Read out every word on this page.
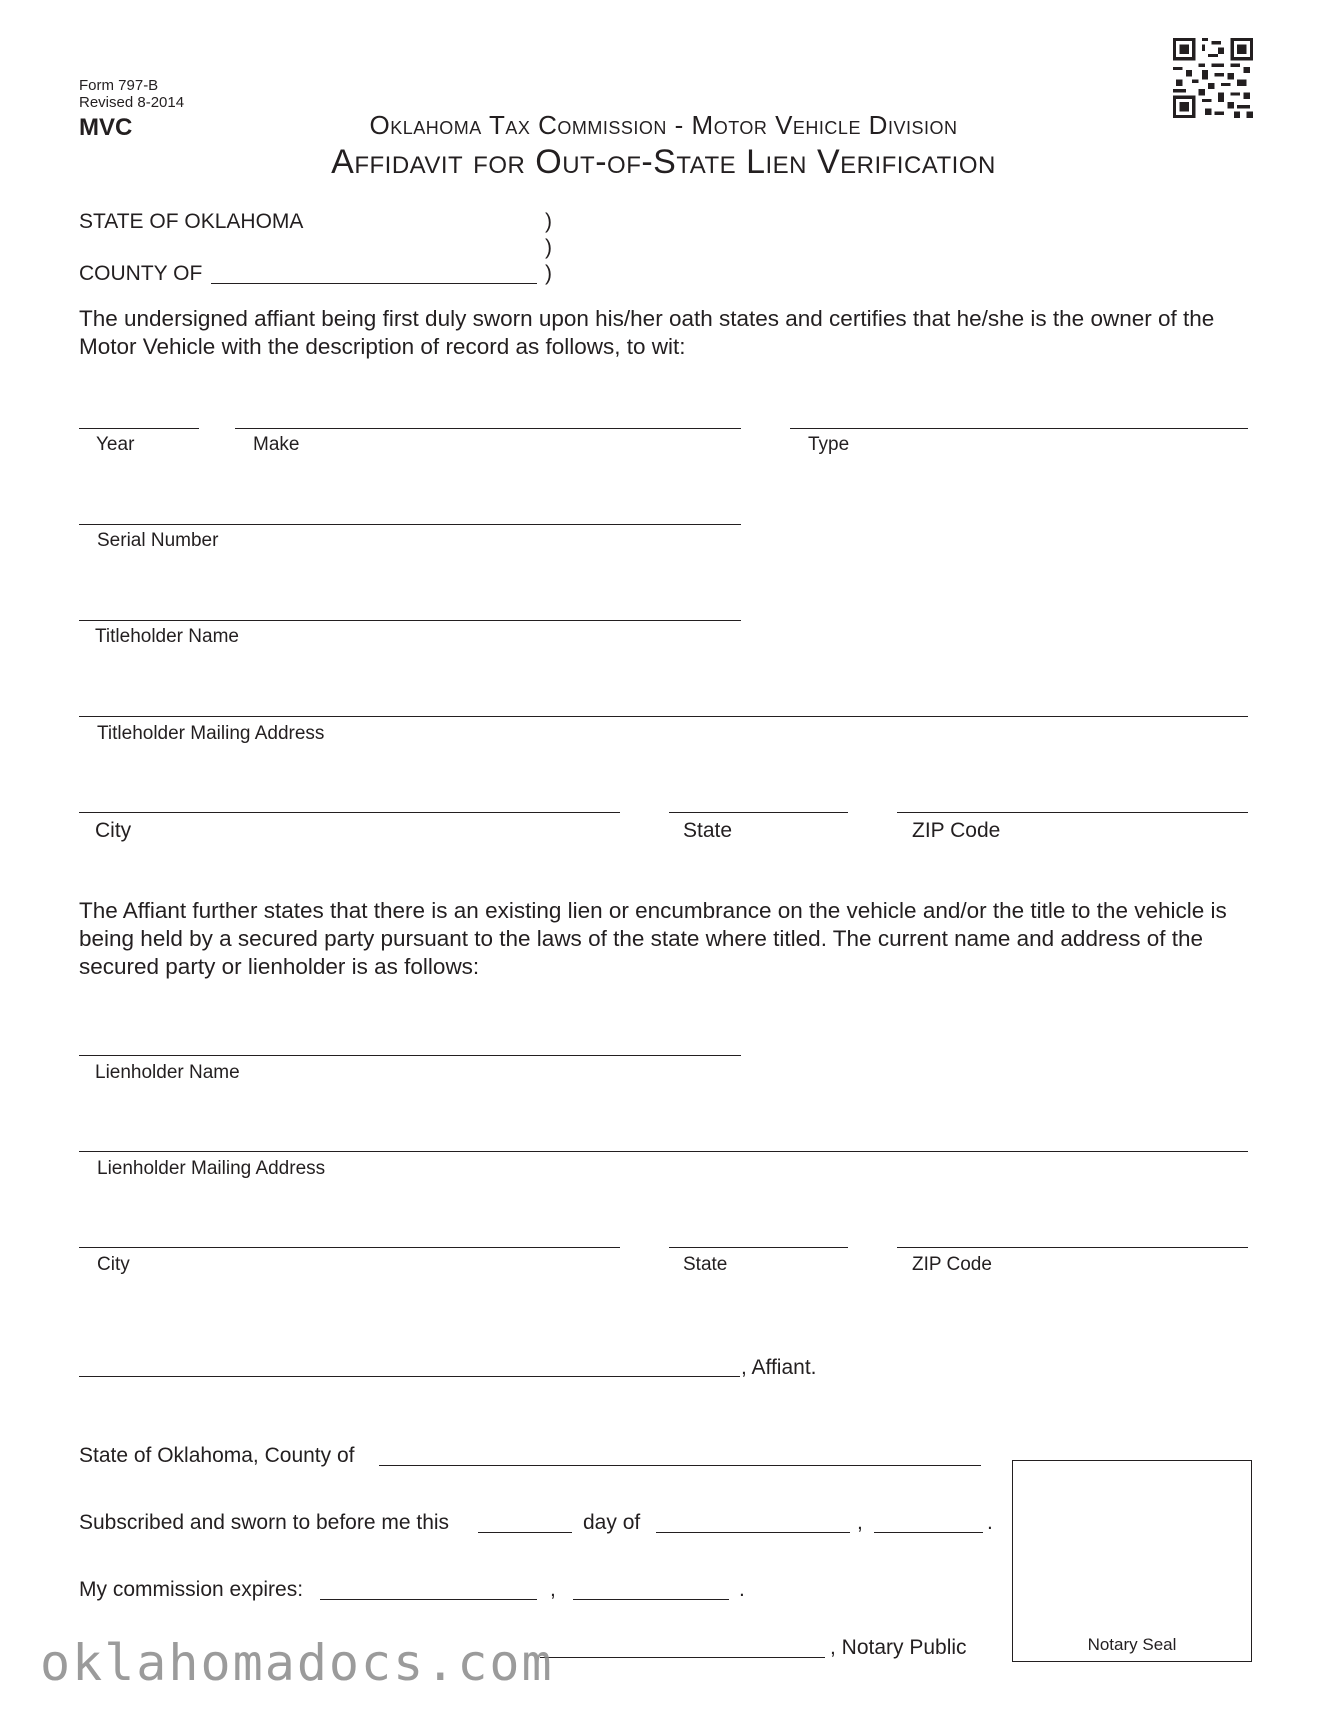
Form 797-B
Revised 8-2014
MVC	Oklahoma Tax Commission - Motor Vehicle Division
Affidavit for Out-of-State Lien Verification
STATE OF OKLAHOMA	)
)
COUNTY OF	)
The undersigned affiant being first duly sworn upon his/her oath states and certifies that he/she is the owner of the Motor Vehicle with the description of record as follows, to wit:
Year	Make	Type
Serial Number
Titleholder Name
Titleholder Mailing Address
City	State	ZIP Code
The Affiant further states that there is an existing lien or encumbrance on the vehicle and/or the title to the vehicle is being held by a secured party pursuant to the laws of the state where titled. The current name and address of the secured party or lienholder is as follows:
Lienholder Name
Lienholder Mailing Address
City	State	ZIP Code
, Affiant.
State of Oklahoma, County of
Subscribed and sworn to before me this	day of	,	.
My commission expires:	,	.
, Notary Public	Notary Seal
oklahomadocs.com
